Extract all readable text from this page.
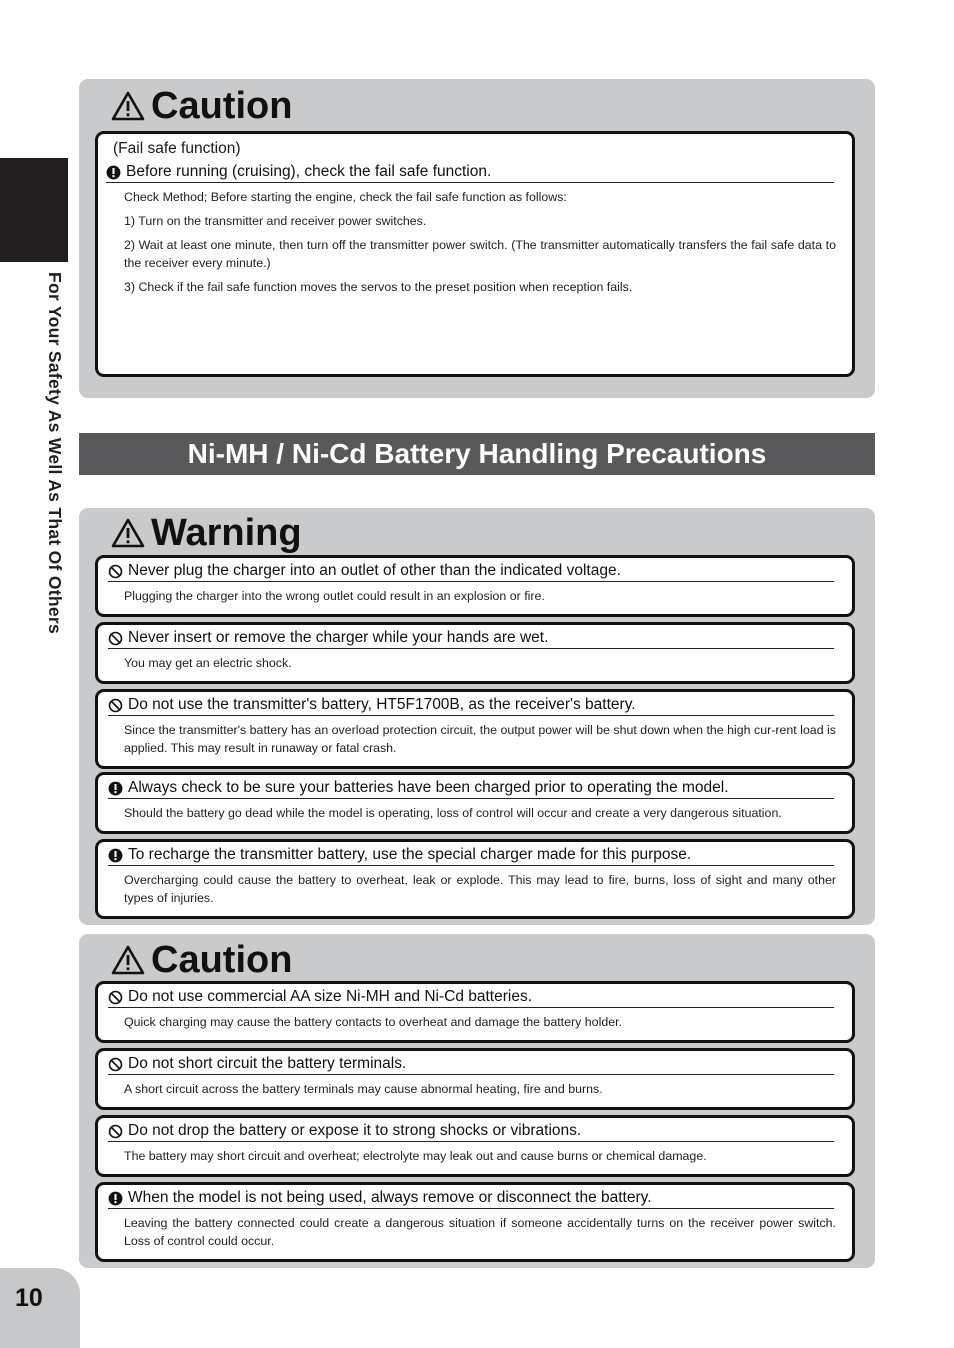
For Your Safety As Well As That Of Others
Caution
(Fail safe function)
Before running (cruising), check the fail safe function.
Check Method; Before starting the engine, check the fail safe function as follows:
1) Turn on the transmitter and receiver power switches.
2) Wait at least one minute, then turn off the transmitter power switch. (The transmitter automatically transfers the fail safe data to the receiver every minute.)
3) Check if the fail safe function moves the servos to the preset position when reception fails.
Ni-MH / Ni-Cd Battery Handling Precautions
Warning
Never plug the charger into an outlet of other than the indicated voltage.
Plugging the charger into the wrong outlet could result in an explosion or fire.
Never insert or remove the charger while your hands are wet.
You may get an electric shock.
Do not use the transmitter's battery, HT5F1700B, as the receiver's battery.
Since the transmitter's battery has an overload protection circuit, the output power will be shut down when the high cur-rent load is applied. This may result in runaway or fatal crash.
Always check to be sure your batteries have been charged prior to operating the model.
Should the battery go dead while the model is operating, loss of control will occur and create a very dangerous situation.
To recharge the transmitter battery, use the special charger made for this purpose.
Overcharging could cause the battery to overheat, leak or explode. This may lead to fire, burns, loss of sight and many other types of injuries.
Caution
Do not use commercial AA size Ni-MH and Ni-Cd batteries.
Quick charging may cause the battery contacts to overheat and damage the battery holder.
Do not short circuit the battery terminals.
A short circuit across the battery terminals may cause abnormal heating, fire and burns.
Do not drop the battery or expose it to strong shocks or vibrations.
The battery may short circuit and overheat; electrolyte may leak out and cause burns or chemical damage.
When the model is not being used, always remove or disconnect the battery.
Leaving the battery connected could create a dangerous situation if someone accidentally turns on the receiver power switch. Loss of control could occur.
10
